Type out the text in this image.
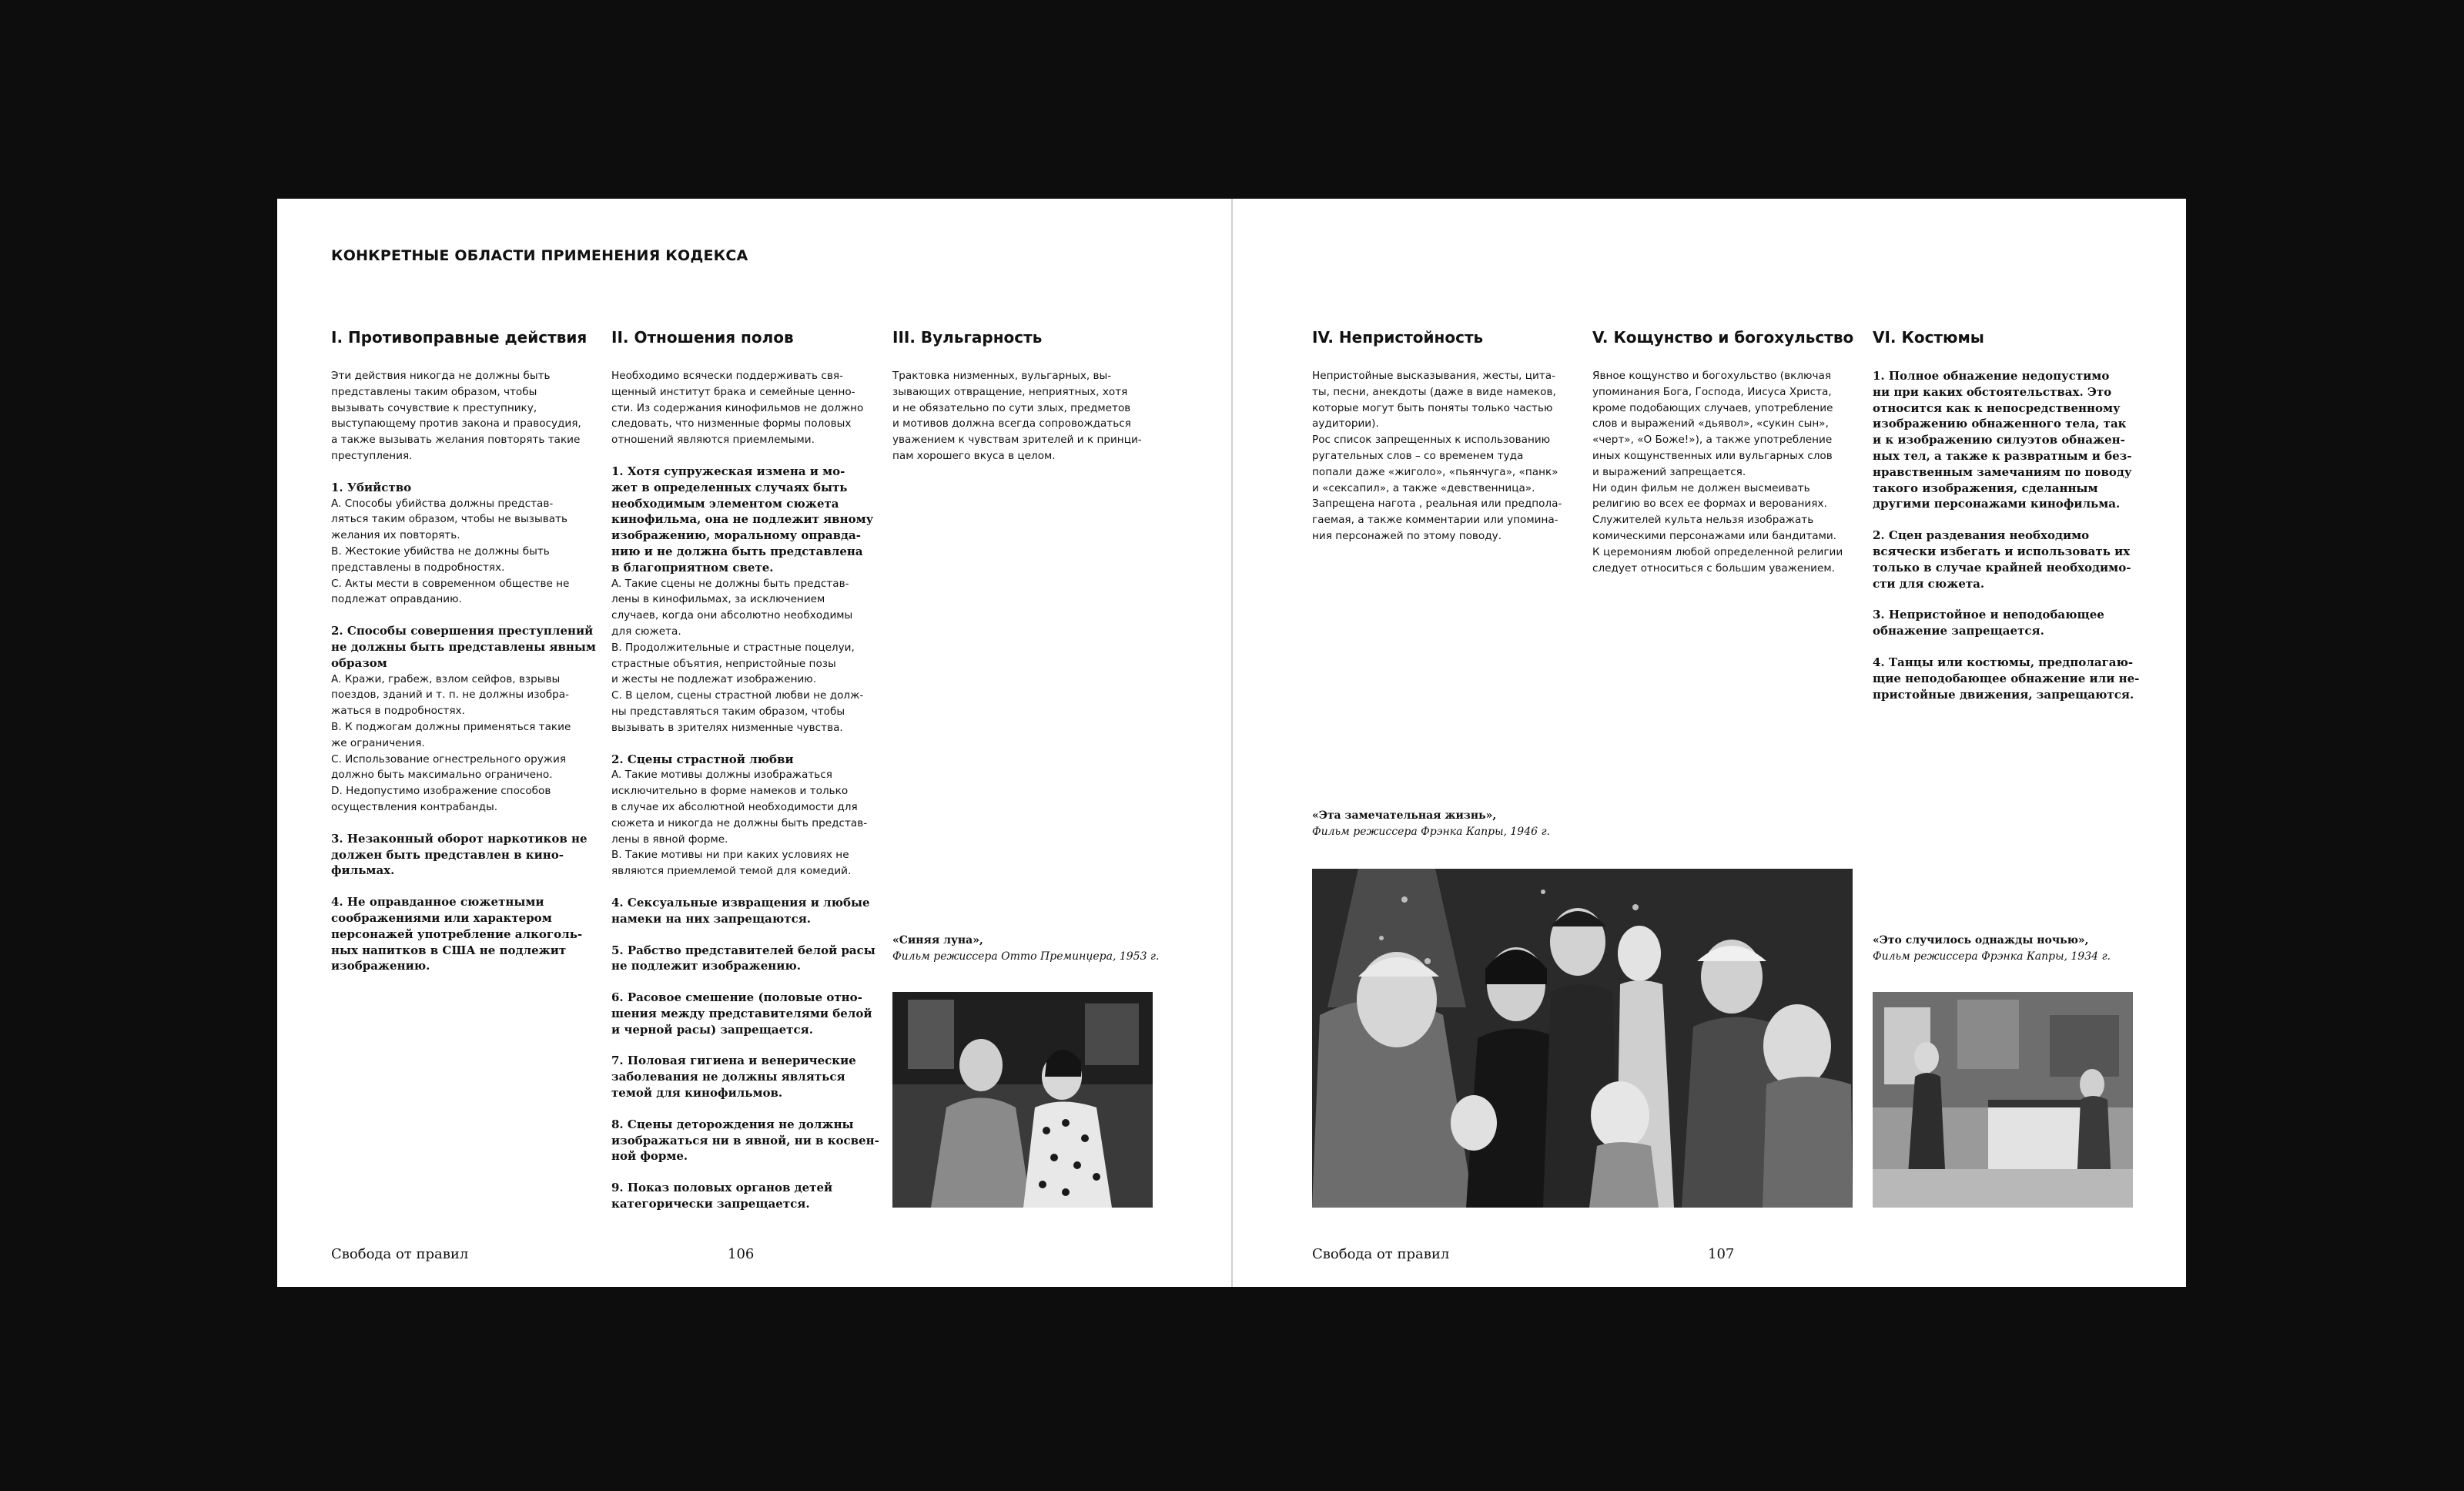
КОНКРЕТНЫЕ ОБЛАСТИ ПРИМЕНЕНИЯ КОДЕКСА
I. Противоправные действия
Эти действия никогда не должны быть
представлены таким образом, чтобы
вызывать сочувствие к преступнику,
выступающему против закона и правосудия,
а также вызывать желания повторять такие
преступления.
1. Убийство
A. Способы убийства должны представ-
ляться таким образом, чтобы не вызывать
желания их повторять.
B. Жестокие убийства не должны быть
представлены в подробностях.
C. Акты мести в современном обществе не
подлежат оправданию.
2. Способы совершения преступлений
не должны быть представлены явным
образом
A. Кражи, грабеж, взлом сейфов, взрывы
поездов, зданий и т. п. не должны изобра-
жаться в подробностях.
B. К поджогам должны применяться такие
же ограничения.
C. Использование огнестрельного оружия
должно быть максимально ограничено.
D. Недопустимо изображение способов
осуществления контрабанды.
3. Незаконный оборот наркотиков не
должен быть представлен в кино-
фильмах.
4. Не оправданное сюжетными
соображениями или характером
персонажей употребление алкоголь-
ных напитков в США не подлежит
изображению.
II. Отношения полов
Необходимо всячески поддерживать свя-
щенный институт брака и семейные ценно-
сти. Из содержания кинофильмов не должно
следовать, что низменные формы половых
отношений являются приемлемыми.
1. Хотя супружеская измена и мо-
жет в определенных случаях быть
необходимым элементом сюжета
кинофильма, она не подлежит явному
изображению, моральному оправда-
нию и не должна быть представлена
в благоприятном свете.
A. Такие сцены не должны быть представ-
лены в кинофильмах, за исключением
случаев, когда они абсолютно необходимы
для сюжета.
B. Продолжительные и страстные поцелуи,
страстные объятия, непристойные позы
и жесты не подлежат изображению.
C. В целом, сцены страстной любви не долж-
ны представляться таким образом, чтобы
вызывать в зрителях низменные чувства.
2. Сцены страстной любви
A. Такие мотивы должны изображаться
исключительно в форме намеков и только
в случае их абсолютной необходимости для
сюжета и никогда не должны быть представ-
лены в явной форме.
B. Такие мотивы ни при каких условиях не
являются приемлемой темой для комедий.
4. Сексуальные извращения и любые
намеки на них запрещаются.
5. Рабство представителей белой расы
не подлежит изображению.
6. Расовое смешение (половые отно-
шения между представителями белой
и черной расы) запрещается.
7. Половая гигиена и венерические
заболевания не должны являться
темой для кинофильмов.
8. Сцены деторождения не должны
изображаться ни в явной, ни в косвен-
ной форме.
9. Показ половых органов детей
категорически запрещается.
III. Вульгарность
Трактовка низменных, вульгарных, вы-
зывающих отвращение, неприятных, хотя
и не обязательно по сути злых, предметов
и мотивов должна всегда сопровождаться
уважением к чувствам зрителей и к принци-
пам хорошего вкуса в целом.
«Синяя луна»,
Фильм режиссера Отто Преминџера, 1953 г.
Свобода от правил	106
IV. Непристойность
Непристойные высказывания, жесты, цита-
ты, песни, анекдоты (даже в виде намеков,
которые могут быть поняты только частью
аудитории).
Рос список запрещенных к использованию
ругательных слов – со временем туда
попали даже «жиголо», «пьянчуга», «панк»
и «сексапил», а также «девственница».
Запрещена нагота , реальная или предпола-
гаемая, а также комментарии или упомина-
ния персонажей по этому поводу.
V. Кощунство и богохульство
Явное кощунство и богохульство (включая
упоминания Бога, Господа, Иисуса Христа,
кроме подобающих случаев, употребление
слов и выражений «дьявол», «сукин сын»,
«черт», «О Боже!»), а также употребление
иных кощунственных или вульгарных слов
и выражений запрещается.
Ни один фильм не должен высмеивать
религию во всех ее формах и верованиях.
Служителей культа нельзя изображать
комическими персонажами или бандитами.
К церемониям любой определенной религии
следует относиться с большим уважением.
VI. Костюмы
1. Полное обнажение недопустимо
ни при каких обстоятельствах. Это
относится как к непосредственному
изображению обнаженного тела, так
и к изображению силуэтов обнажен-
ных тел, а также к развратным и без-
нравственным замечаниям по поводу
такого изображения, сделанным
другими персонажами кинофильма.
2. Сцен раздевания необходимо
всячески избегать и использовать их
только в случае крайней необходимо-
сти для сюжета.
3. Непристойное и неподобающее
обнажение запрещается.
4. Танцы или костюмы, предполагаю-
щие неподобающее обнажение или не-
пристойные движения, запрещаются.
«Эта замечательная жизнь»,
Фильм режиссера Фрэнка Капры, 1946 г.
«Это случилось однажды ночью»,
Фильм режиссера Фрэнка Капры, 1934 г.
Свобода от правил	107
